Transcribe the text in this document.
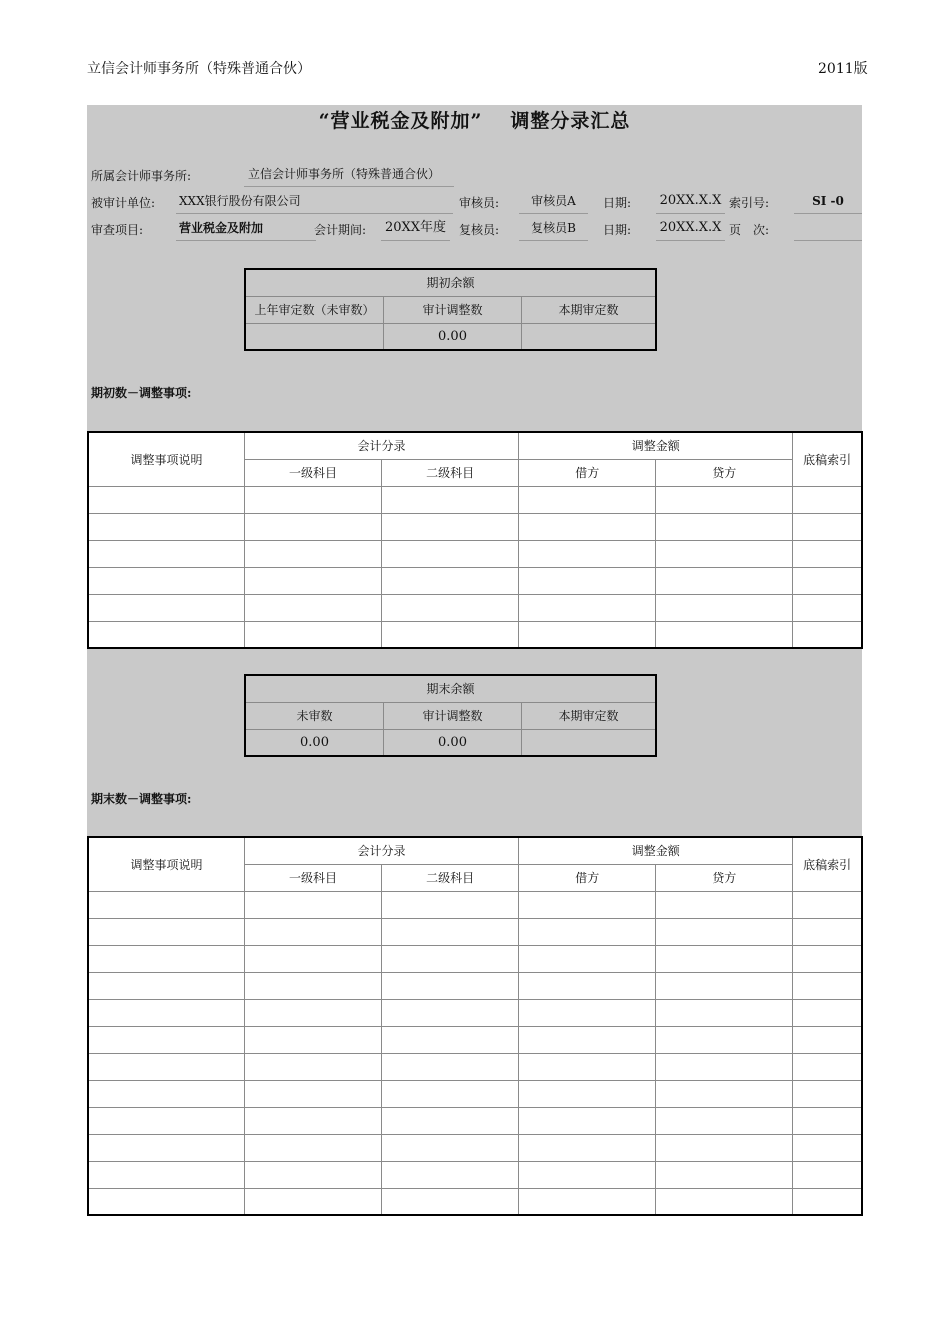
立信会计师事务所（特殊普通合伙）	2011版
“营业税金及附加” 调整分录汇总
所属会计师事务所:	立信会计师事务所（特殊普通合伙）
被审计单位: XXX银行股份有限公司	审核员:	审核员A	日期: 20XX.X.X 索引号:	SI -0
审查项目:	营业税金及附加	会计期间:	20XX年度	复核员:	复核员B	日期: 20XX.X.X 页　次:
期初余额		
上年审定数（未审数）	审计调整数	本期审定数
	0.00	
期初数－调整事项:
调整事项说明	会计分录		调整金额		底稿索引
	一级科目	二级科目	借方	贷方	

期末余额		
未审数	审计调整数	本期审定数
0.00	0.00	
期末数－调整事项:
调整事项说明	会计分录		调整金额		底稿索引
	一级科目	二级科目	借方	贷方	
